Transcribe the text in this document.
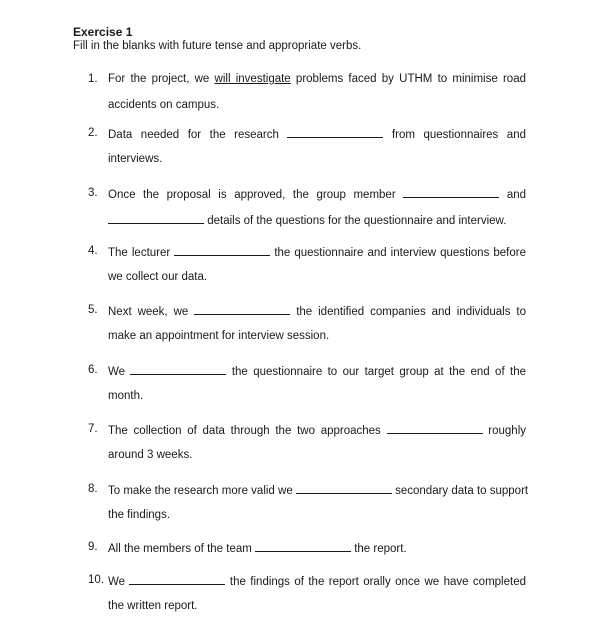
Exercise 1
Fill in the blanks with future tense and appropriate verbs.
1. For the project, we will investigate problems faced by UTHM to minimise road
accidents on campus.
2. Data needed for the research	from questionnaires and
interviews.
3. Once the proposal is approved, the group member	and
details of the questions for the questionnaire and interview.
4. The lecturer	the questionnaire and interview questions before
we collect our data.
5. Next week, we	the identified companies and individuals to
make an appointment for interview session.
6. We	the questionnaire to our target group at the end of the
month.
7. The collection of data through the two approaches	roughly
around 3 weeks.
8. To make the research more valid we	secondary data to support
the findings.
9. All the members of the team	the report.
10. We	the findings of the report orally once we have completed
the written report.
